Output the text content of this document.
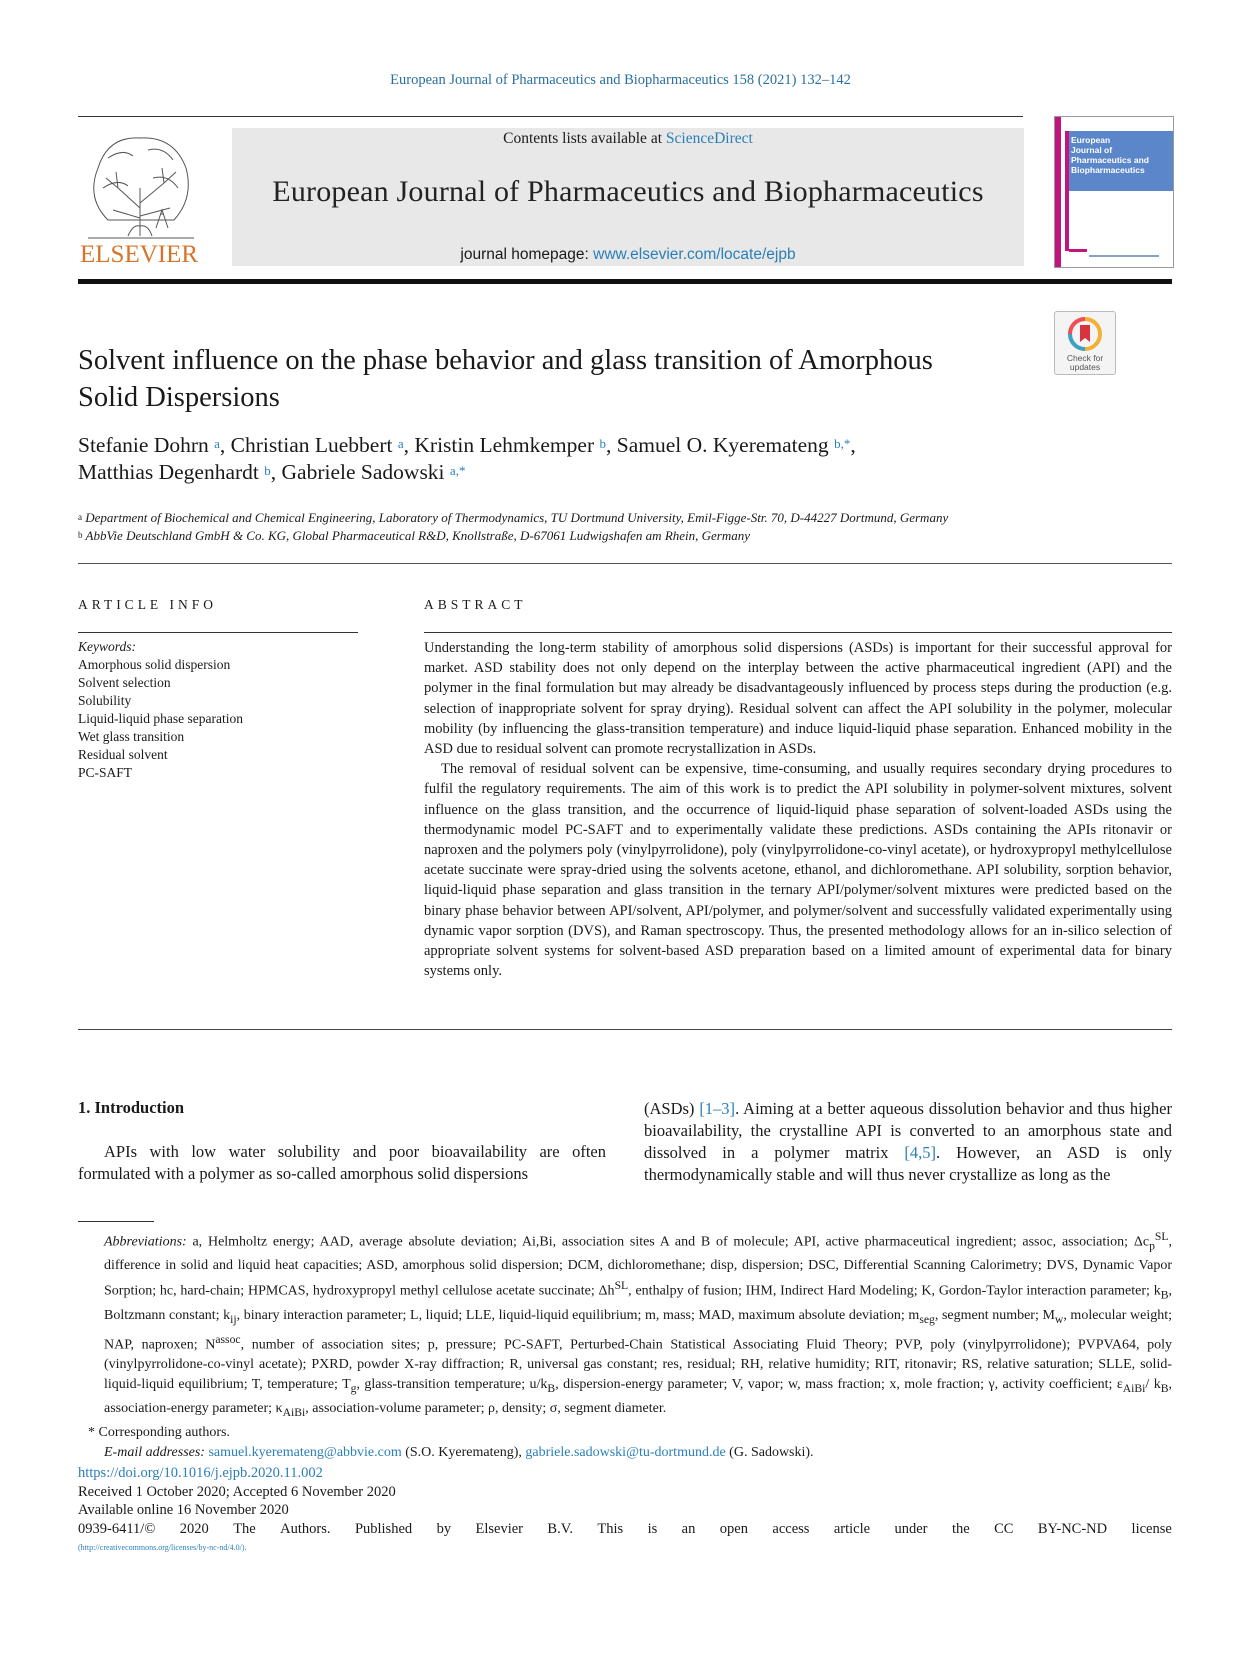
European Journal of Pharmaceutics and Biopharmaceutics 158 (2021) 132–142
ELSEVIER
Contents lists available at ScienceDirect
European Journal of Pharmaceutics and Biopharmaceutics
journal homepage: www.elsevier.com/locate/ejpb
European Journal of Pharmaceutics and Biopharmaceutics
Check for
updates
Solvent influence on the phase behavior and glass transition of Amorphous
Solid Dispersions
Stefanie Dohrn $^a$, Christian Luebbert $^a$, Kristin Lehmkemper $^b$, Samuel O. Kyeremateng $^{b,*}$,
Matthias Degenhardt $^b$, Gabriele Sadowski $^{a,*}$
$^a$ Department of Biochemical and Chemical Engineering, Laboratory of Thermodynamics, TU Dortmund University, Emil-Figge-Str. 70, D-44227 Dortmund, Germany
$^b$ AbbVie Deutschland GmbH & Co. KG, Global Pharmaceutical R&D, Knollstraße, D-67061 Ludwigshafen am Rhein, Germany
ARTICLE INFO
Keywords:
Amorphous solid dispersion
Solvent selection
Solubility
Liquid-liquid phase separation
Wet glass transition
Residual solvent
PC-SAFT
ABSTRACT

Understanding the long-term stability of amorphous solid dispersions (ASDs) is important for their successful approval for market. ASD stability does not only depend on the interplay between the active pharmaceutical ingredient (API) and the polymer in the final formulation but may already be disadvantageously influenced by process steps during the production (e.g. selection of inappropriate solvent for spray drying). Residual solvent can affect the API solubility in the polymer, molecular mobility (by influencing the glass-transition temperature) and induce liquid-liquid phase separation. Enhanced mobility in the ASD due to residual solvent can promote recrystallization in ASDs.

The removal of residual solvent can be expensive, time-consuming, and usually requires secondary drying procedures to fulfil the regulatory requirements. The aim of this work is to predict the API solubility in polymer-solvent mixtures, solvent influence on the glass transition, and the occurrence of liquid-liquid phase separation of solvent-loaded ASDs using the thermodynamic model PC-SAFT and to experimentally validate these predictions. ASDs containing the APIs ritonavir or naproxen and the polymers poly (vinylpyrrolidone), poly (vinylpyrrolidone-co-vinyl acetate), or hydroxypropyl methylcellulose acetate succinate were spray-dried using the solvents acetone, ethanol, and dichloromethane. API solubility, sorption behavior, liquid-liquid phase separation and glass transition in the ternary API/polymer/solvent mixtures were predicted based on the binary phase behavior between API/solvent, API/polymer, and polymer/solvent and successfully validated experimentally using dynamic vapor sorption (DVS), and Raman spectroscopy. Thus, the presented methodology allows for an in-silico selection of appropriate solvent systems for solvent-based ASD preparation based on a limited amount of experimental data for binary systems only.

1. Introduction
APIs with low water solubility and poor bioavailability are often formulated with a polymer as so-called amorphous solid dispersions
(ASDs) [1–3]. Aiming at a better aqueous dissolution behavior and thus higher bioavailability, the crystalline API is converted to an amorphous state and dissolved in a polymer matrix [4,5]. However, an ASD is only thermodynamically stable and will thus never crystallize as long as the

Abbreviations: a, Helmholtz energy; AAD, average absolute deviation; Ai,Bi, association sites A and B of molecule; API, active pharmaceutical ingredient; assoc, association; $\Delta c_p^{SL}$, difference in solid and liquid heat capacities; ASD, amorphous solid dispersion; DCM, dichloromethane; disp, dispersion; DSC, Differential Scanning Calorimetry; DVS, Dynamic Vapor Sorption; hc, hard-chain; HPMCAS, hydroxypropyl methyl cellulose acetate succinate; $\Delta h^{SL}$, enthalpy of fusion; IHM, Indirect Hard Modeling; K, Gordon-Taylor interaction parameter; $k_B$, Boltzmann constant; $k_{ij}$, binary interaction parameter; L, liquid; LLE, liquid-liquid equilibrium; m, mass; MAD, maximum absolute deviation; $m_{seg}$, segment number; $M_w$, molecular weight; NAP, naproxen; $N^{assoc}$, number of association sites; p, pressure; PC-SAFT, Perturbed-Chain Statistical Associating Fluid Theory; PVP, poly (vinylpyrrolidone); PVPVA64, poly (vinylpyrrolidone-co-vinyl acetate); PXRD, powder X-ray diffraction; R, universal gas constant; res, residual; RH, relative humidity; RIT, ritonavir; RS, relative saturation; SLLE, solid-liquid-liquid equilibrium; T, temperature; $T_g$, glass-transition temperature; $u/k_B$, dispersion-energy parameter; V, vapor; w, mass fraction; x, mole fraction; γ, activity coefficient; $\varepsilon_{AiBi}/$ $k_B$, association-energy parameter; $\kappa_{AiBi}$, association-volume parameter; ρ, density; σ, segment diameter.

* Corresponding authors.

E-mail addresses: samuel.kyeremateng@abbvie.com (S.O. Kyeremateng), gabriele.sadowski@tu-dortmund.de (G. Sadowski).

https://doi.org/10.1016/j.ejpb.2020.11.002
Received 1 October 2020; Accepted 6 November 2020
Available online 16 November 2020
0939-6411/© 2020 The Authors. Published by Elsevier B.V. This is an open access article under the CC BY-NC-ND license
(http://creativecommons.org/licenses/by-nc-nd/4.0/).
